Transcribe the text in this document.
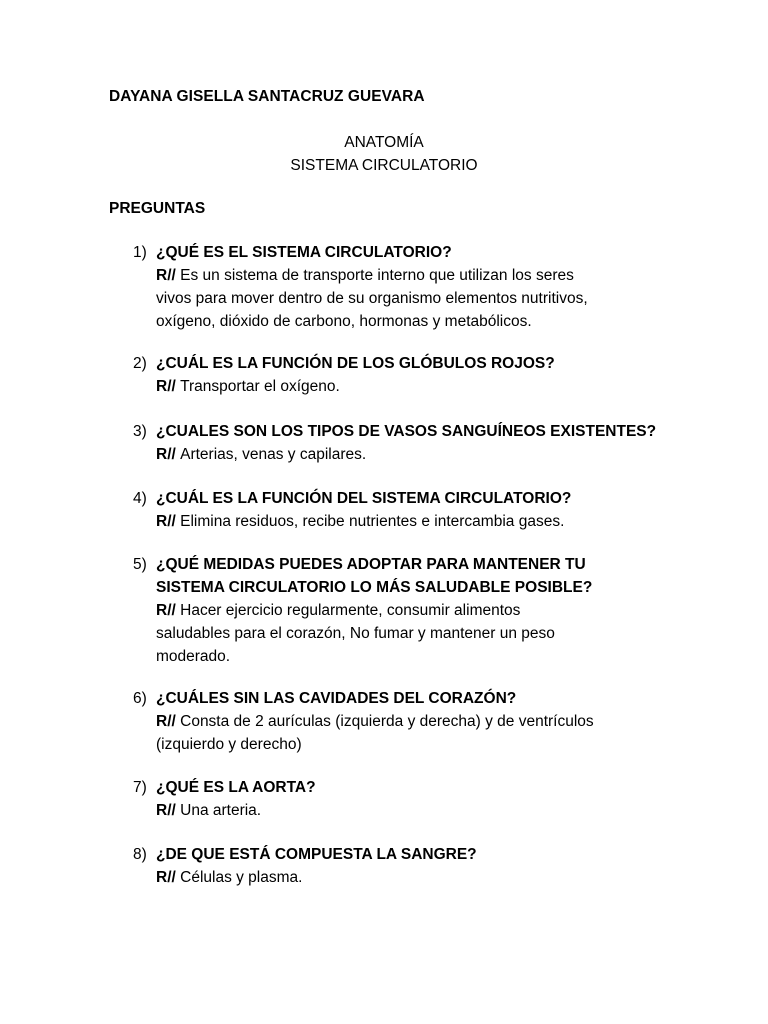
DAYANA GISELLA SANTACRUZ GUEVARA
ANATOMÍA
SISTEMA CIRCULATORIO
PREGUNTAS
1) ¿QUÉ ES EL SISTEMA CIRCULATORIO?
R// Es un sistema de transporte interno que utilizan los seres
vivos para mover dentro de su organismo elementos nutritivos,
oxígeno, dióxido de carbono, hormonas y metabólicos.
2) ¿CUÁL ES LA FUNCIÓN DE LOS GLÓBULOS ROJOS?
R// Transportar el oxígeno.
3) ¿CUALES SON LOS TIPOS DE VASOS SANGUÍNEOS EXISTENTES?
R// Arterias, venas y capilares.
4) ¿CUÁL ES LA FUNCIÓN DEL SISTEMA CIRCULATORIO?
R// Elimina residuos, recibe nutrientes e intercambia gases.
5) ¿QUÉ MEDIDAS PUEDES ADOPTAR PARA MANTENER TU
SISTEMA CIRCULATORIO LO MÁS SALUDABLE POSIBLE?
R// Hacer ejercicio regularmente, consumir alimentos
saludables para el corazón, No fumar y mantener un peso
moderado.
6) ¿CUÁLES SIN LAS CAVIDADES DEL CORAZÓN?
R// Consta de 2 aurículas (izquierda y derecha) y de ventrículos
(izquierdo y derecho)
7) ¿QUÉ ES LA AORTA?
R// Una arteria.
8) ¿DE QUE ESTÁ COMPUESTA LA SANGRE?
R// Células y plasma.
